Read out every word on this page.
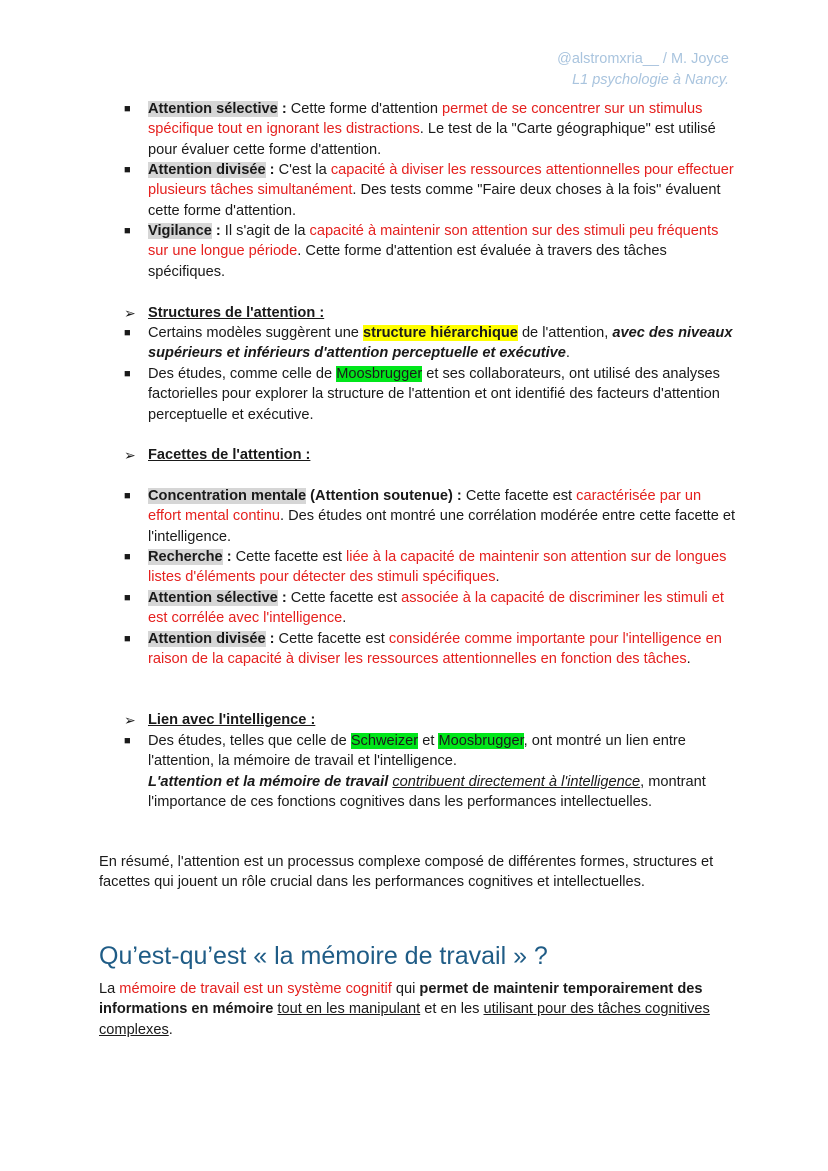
@alstromxria__ / M. Joyce
L1 psychologie à Nancy.
■ Attention sélective : Cette forme d'attention permet de se concentrer sur un stimulus spécifique tout en ignorant les distractions. Le test de la "Carte géographique" est utilisé pour évaluer cette forme d'attention.
■ Attention divisée : C'est la capacité à diviser les ressources attentionnelles pour effectuer plusieurs tâches simultanément. Des tests comme "Faire deux choses à la fois" évaluent cette forme d'attention.
■ Vigilance : Il s'agit de la capacité à maintenir son attention sur des stimuli peu fréquents sur une longue période. Cette forme d'attention est évaluée à travers des tâches spécifiques.
➢ Structures de l'attention :
■ Certains modèles suggèrent une structure hiérarchique de l'attention, avec des niveaux supérieurs et inférieurs d'attention perceptuelle et exécutive.
■ Des études, comme celle de Moosbrugger et ses collaborateurs, ont utilisé des analyses factorielles pour explorer la structure de l'attention et ont identifié des facteurs d'attention perceptuelle et exécutive.
➢ Facettes de l'attention :
■ Concentration mentale (Attention soutenue) : Cette facette est caractérisée par un effort mental continu. Des études ont montré une corrélation modérée entre cette facette et l'intelligence.
■ Recherche : Cette facette est liée à la capacité de maintenir son attention sur de longues listes d'éléments pour détecter des stimuli spécifiques.
■ Attention sélective : Cette facette est associée à la capacité de discriminer les stimuli et est corrélée avec l'intelligence.
■ Attention divisée : Cette facette est considérée comme importante pour l'intelligence en raison de la capacité à diviser les ressources attentionnelles en fonction des tâches.
➢ Lien avec l'intelligence :
■ Des études, telles que celle de Schweizer et Moosbrugger, ont montré un lien entre l'attention, la mémoire de travail et l'intelligence.
L'attention et la mémoire de travail contribuent directement à l'intelligence, montrant l'importance de ces fonctions cognitives dans les performances intellectuelles.
En résumé, l'attention est un processus complexe composé de différentes formes, structures et facettes qui jouent un rôle crucial dans les performances cognitives et intellectuelles.
Qu’est-qu’est « la mémoire de travail » ?
La mémoire de travail est un système cognitif qui permet de maintenir temporairement des informations en mémoire tout en les manipulant et en les utilisant pour des tâches cognitives complexes.
